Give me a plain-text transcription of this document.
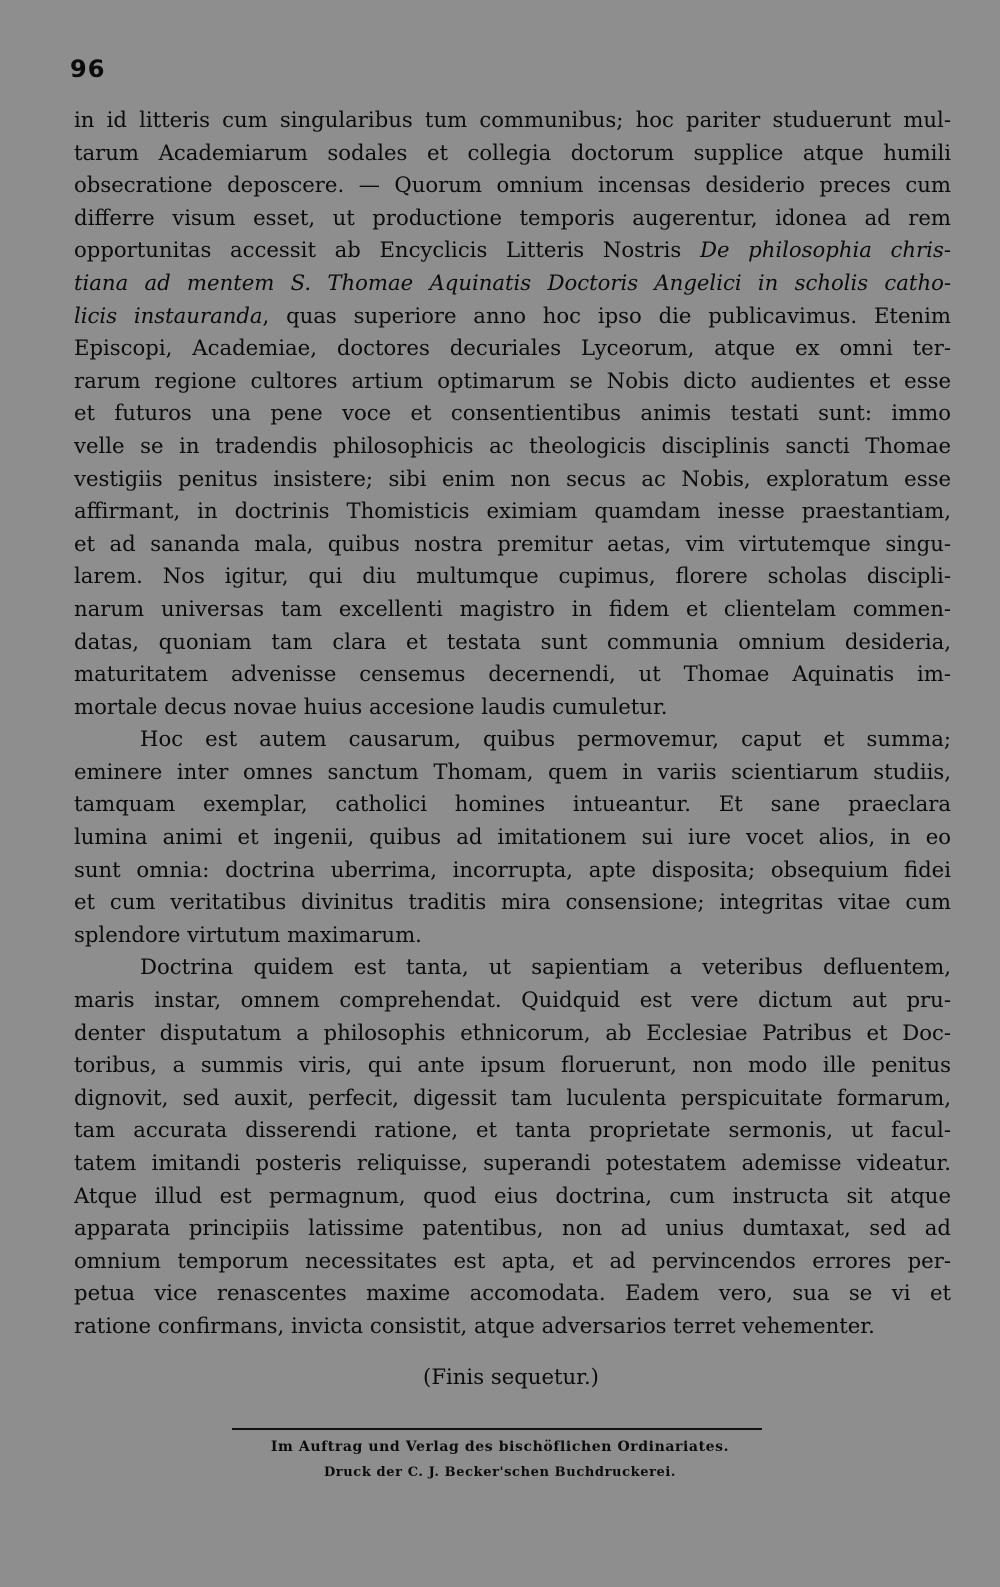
96
in id litteris cum singularibus tum communibus; hoc pariter studuerunt mul-
tarum Academiarum sodales et collegia doctorum supplice atque humili
obsecratione deposcere. — Quorum omnium incensas desiderio preces cum
differre visum esset, ut productione temporis augerentur, idonea ad rem
opportunitas accessit ab Encyclicis Litteris Nostris De philosophia chris-
tiana ad mentem S. Thomae Aquinatis Doctoris Angelici in scholis catho-
licis instauranda, quas superiore anno hoc ipso die publicavimus. Etenim
Episcopi, Academiae, doctores decuriales Lyceorum, atque ex omni ter-
rarum regione cultores artium optimarum se Nobis dicto audientes et esse
et futuros una pene voce et consentientibus animis testati sunt: immo
velle se in tradendis philosophicis ac theologicis disciplinis sancti Thomae
vestigiis penitus insistere; sibi enim non secus ac Nobis, exploratum esse
affirmant, in doctrinis Thomisticis eximiam quamdam inesse praestantiam,
et ad sananda mala, quibus nostra premitur aetas, vim virtutemque singu-
larem. Nos igitur, qui diu multumque cupimus, florere scholas discipli-
narum universas tam excellenti magistro in fidem et clientelam commen-
datas, quoniam tam clara et testata sunt communia omnium desideria,
maturitatem advenisse censemus decernendi, ut Thomae Aquinatis im-
mortale decus novae huius accesione laudis cumuletur.
Hoc est autem causarum, quibus permovemur, caput et summa;
eminere inter omnes sanctum Thomam, quem in variis scientiarum studiis,
tamquam exemplar, catholici homines intueantur. Et sane praeclara
lumina animi et ingenii, quibus ad imitationem sui iure vocet alios, in eo
sunt omnia: doctrina uberrima, incorrupta, apte disposita; obsequium fidei
et cum veritatibus divinitus traditis mira consensione; integritas vitae cum
splendore virtutum maximarum.
Doctrina quidem est tanta, ut sapientiam a veteribus defluentem,
maris instar, omnem comprehendat. Quidquid est vere dictum aut pru-
denter disputatum a philosophis ethnicorum, ab Ecclesiae Patribus et Doc-
toribus, a summis viris, qui ante ipsum floruerunt, non modo ille penitus
dignovit, sed auxit, perfecit, digessit tam luculenta perspicuitate formarum,
tam accurata disserendi ratione, et tanta proprietate sermonis, ut facul-
tatem imitandi posteris reliquisse, superandi potestatem ademisse videatur.
Atque illud est permagnum, quod eius doctrina, cum instructa sit atque
apparata principiis latissime patentibus, non ad unius dumtaxat, sed ad
omnium temporum necessitates est apta, et ad pervincendos errores per-
petua vice renascentes maxime accomodata. Eadem vero, sua se vi et
ratione confirmans, invicta consistit, atque adversarios terret vehementer.
(Finis sequetur.)
Im Auftrag und Verlag des bischöflichen Ordinariates.
Druck der C. J. Becker'schen Buchdruckerei.
